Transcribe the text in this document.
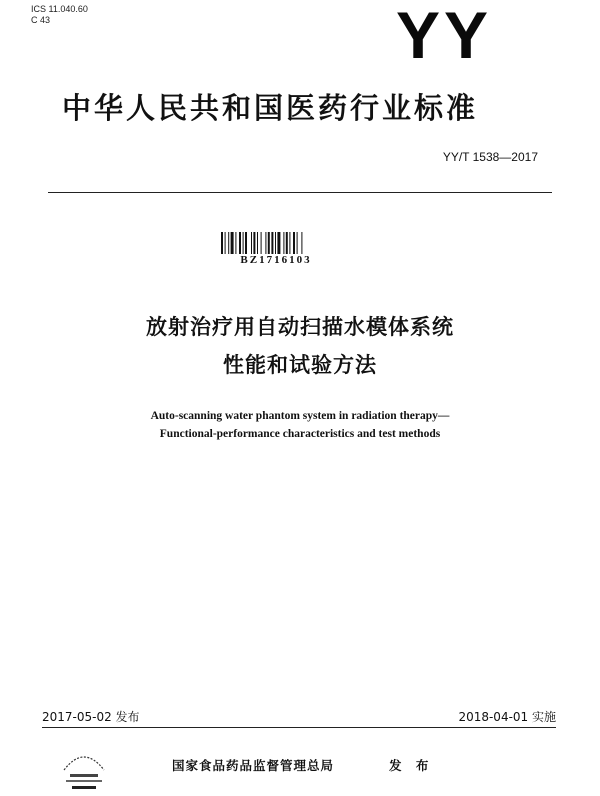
ICS 11.040.60
C 43	YY
中华人民共和国医药行业标准
YY/T 1538—2017
BZ1716103
放射治疗用自动扫描水模体系统
性能和试验方法
Auto-scanning water phantom system in radiation therapy—
Functional-performance characteristics and test methods
2017-05-02 发布	2018-04-01 实施
国家食品药品监督管理总局	发 布
